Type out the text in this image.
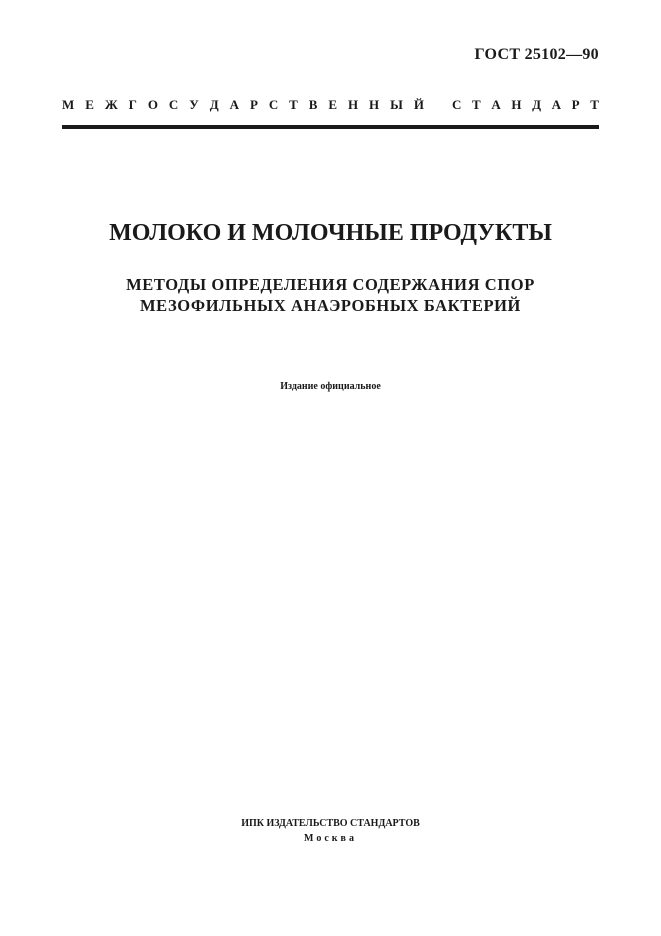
ГОСТ 25102—90
М Е Ж Г О С У Д А Р С Т В Е Н Н Ы Й С Т А Н Д А Р Т
МОЛОКО И МОЛОЧНЫЕ ПРОДУКТЫ
МЕТОДЫ ОПРЕДЕЛЕНИЯ СОДЕРЖАНИЯ СПОР
МЕЗОФИЛЬНЫХ АНАЭРОБНЫХ БАКТЕРИЙ
Издание официальное
ИПК ИЗДАТЕЛЬСТВО СТАНДАРТОВ
Москва
